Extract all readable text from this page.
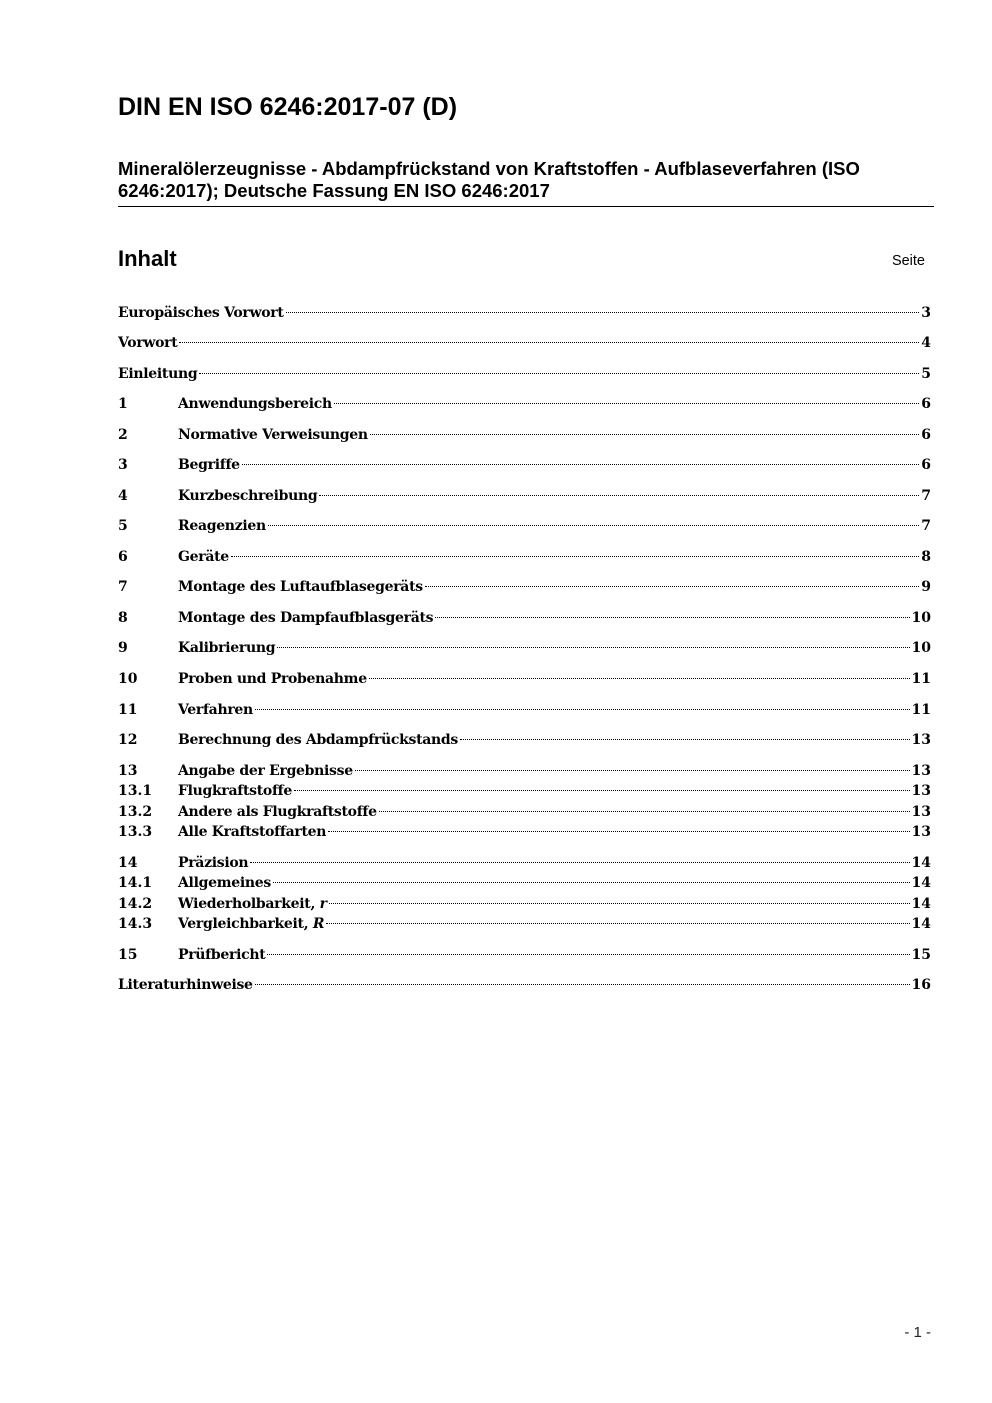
DIN EN ISO 6246:2017-07 (D)

Mineralölerzeugnisse - Abdampfrückstand von Kraftstoffen - Aufblaseverfahren (ISO 6246:2017); Deutsche Fassung EN ISO 6246:2017

Inhalt	Seite
Europäisches Vorwort	3
Vorwort	4
Einleitung	5
1	Anwendungsbereich	6
2	Normative Verweisungen	6
3	Begriffe	6
4	Kurzbeschreibung	7
5	Reagenzien	7
6	Geräte	8
7	Montage des Luftaufblasegeräts	9
8	Montage des Dampfaufblasgeräts	10
9	Kalibrierung	10
10	Proben und Probenahme	11
11	Verfahren	11
12	Berechnung des Abdampfrückstands	13
13	Angabe der Ergebnisse	13
13.1	Flugkraftstoffe	13
13.2	Andere als Flugkraftstoffe	13
13.3	Alle Kraftstoffarten	13
14	Präzision	14
14.1	Allgemeines	14
14.2	Wiederholbarkeit, r	14
14.3	Vergleichbarkeit, R	14
15	Prüfbericht	15
Literaturhinweise	16
- 1 -
